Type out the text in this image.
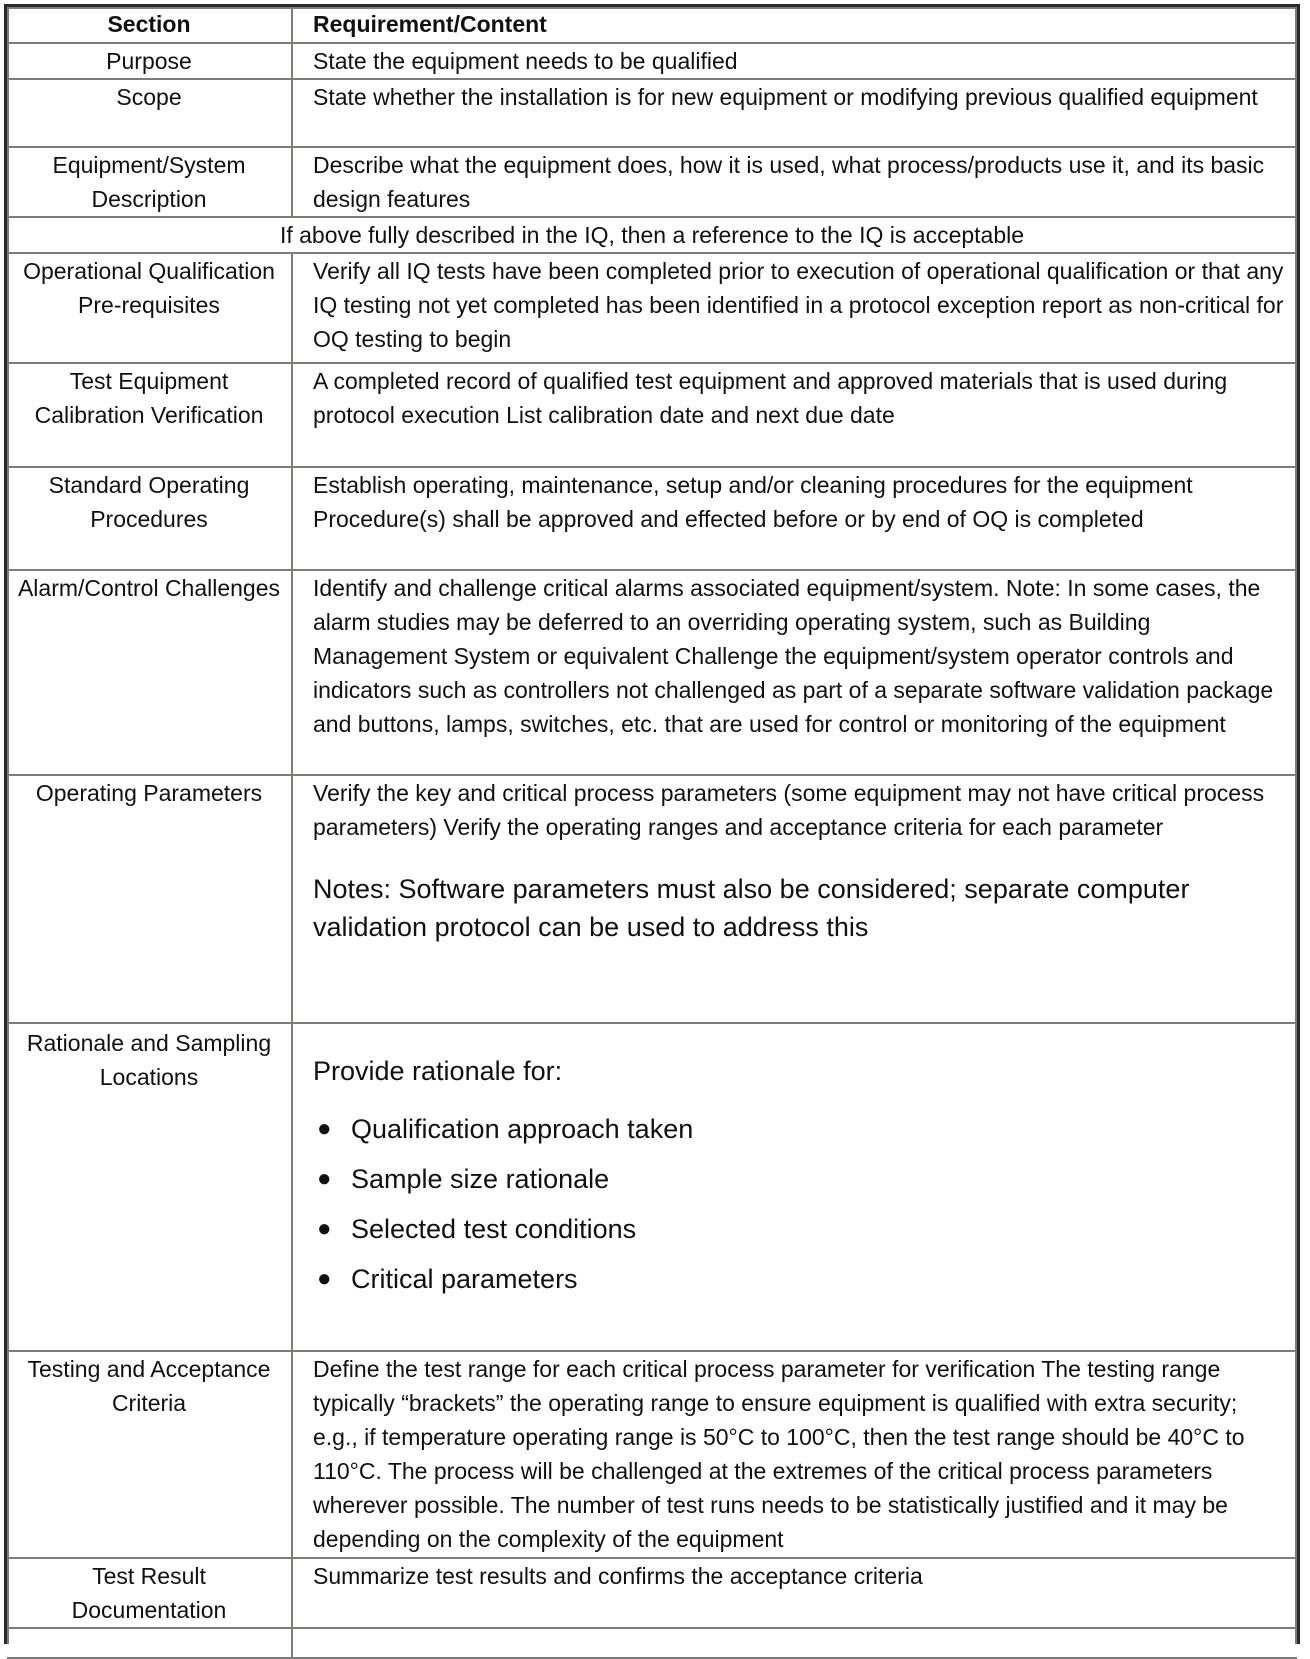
Section	Requirement/Content
Purpose	State the equipment needs to be qualified
Scope	State whether the installation is for new equipment or modifying previous qualified equipment
Equipment/System Description	Describe what the equipment does, how it is used, what process/products use it, and its basic design features
If above fully described in the IQ, then a reference to the IQ is acceptable	
Operational Qualification Pre-requisites	Verify all IQ tests have been completed prior to execution of operational qualification or that any IQ testing not yet completed has been identified in a protocol exception report as non-critical for OQ testing to begin
Test Equipment Calibration Verification	A completed record of qualified test equipment and approved materials that is used during protocol execution List calibration date and next due date
Standard Operating Procedures	Establish operating, maintenance, setup and/or cleaning procedures for the equipment Procedure(s) shall be approved and effected before or by end of OQ is completed
Alarm/Control Challenges	Identify and challenge critical alarms associated equipment/system. Note: In some cases, the alarm studies may be deferred to an overriding operating system, such as Building Management System or equivalent Challenge the equipment/system operator controls and indicators such as controllers not challenged as part of a separate software validation package and buttons, lamps, switches, etc. that are used for control or monitoring of the equipment
Operating Parameters	Verify the key and critical process parameters (some equipment may not have critical process parameters) Verify the operating ranges and acceptance criteria for each parameter
Notes: Software parameters must also be considered; separate computer validation protocol can be used to address this

Rationale and Sampling Locations	Provide rationale for:
● Qualification approach taken
● Sample size rationale
● Selected test conditions
● Critical parameters

Testing and Acceptance Criteria	Define the test range for each critical process parameter for verification The testing range typically “brackets” the operating range to ensure equipment is qualified with extra security; e.g., if temperature operating range is 50°C to 100°C, then the test range should be 40°C to 110°C. The process will be challenged at the extremes of the critical process parameters wherever possible. The number of test runs needs to be statistically justified and it may be depending on the complexity of the equipment
Test Result Documentation	Summarize test results and confirms the acceptance criteria
